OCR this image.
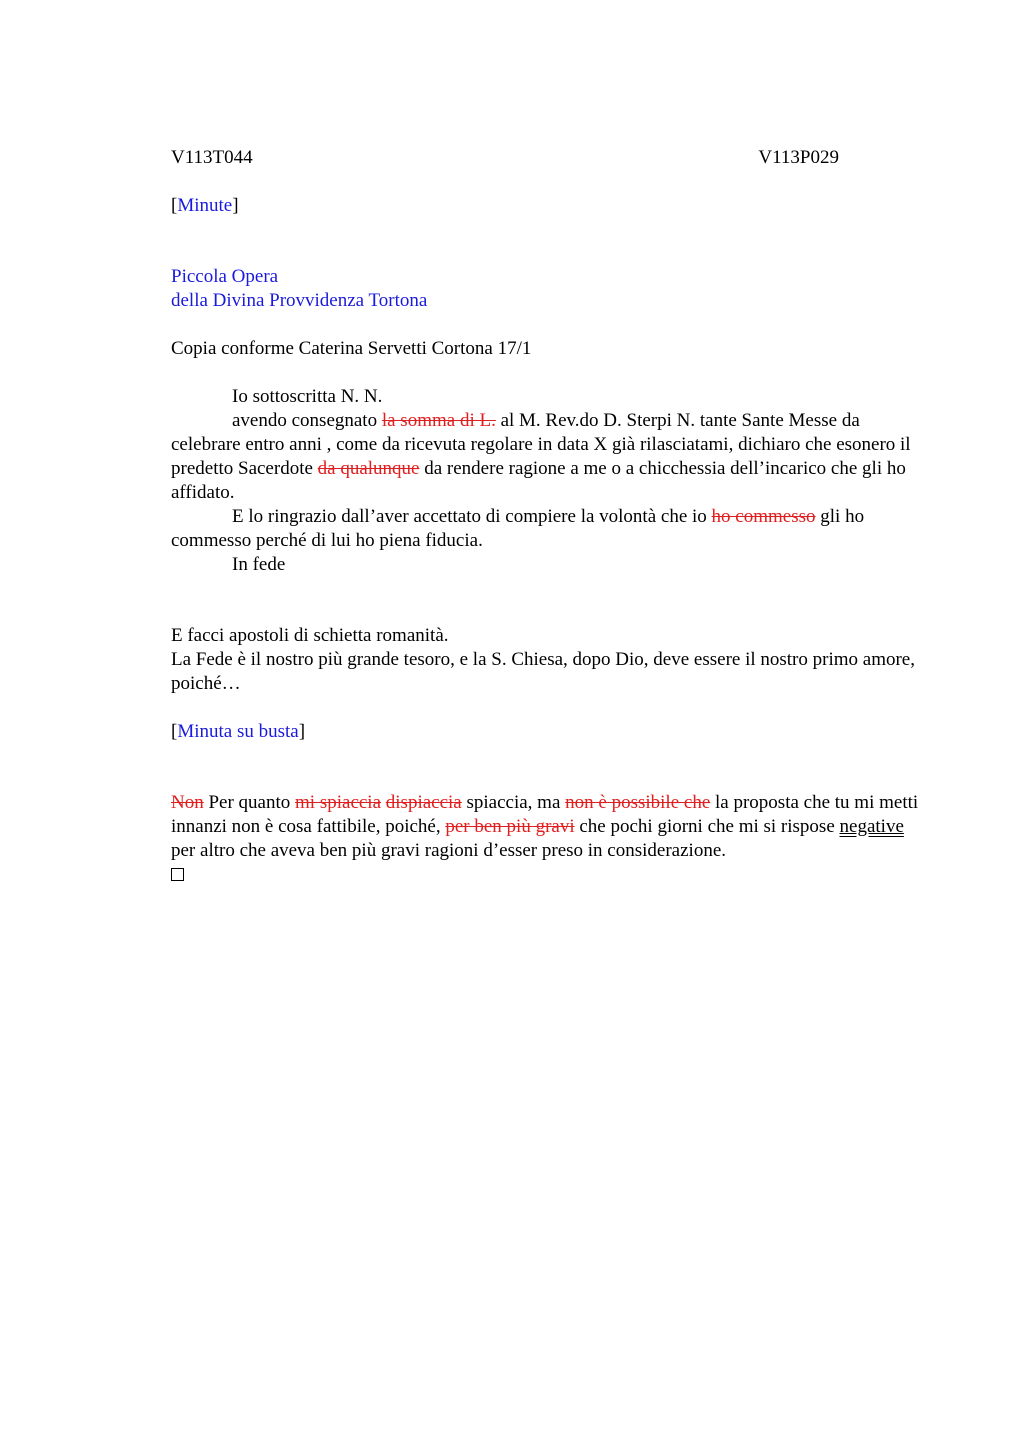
V113T044	V113P029

[Minute]

Piccola Opera

della Divina Provvidenza Tortona

Copia conforme Caterina Servetti Cortona 17/1

Io sottoscritta N. N.

avendo consegnato la somma di L. al M. Rev.do D. Sterpi N. tante Sante Messe da celebrare entro anni , come da ricevuta regolare in data X già rilasciatami, dichiaro che esonero il predetto Sacerdote da qualunque da rendere ragione a me o a chicchessia dell’incarico che gli ho affidato.

E lo ringrazio dall’aver accettato di compiere la volontà che io ho commesso gli ho commesso perché di lui ho piena fiducia.

In fede

E facci apostoli di schietta romanità.

La Fede è il nostro più grande tesoro, e la S. Chiesa, dopo Dio, deve essere il nostro primo amore, poiché…

[Minuta su busta]

Non Per quanto mi spiaccia dispiaccia spiaccia, ma non è possibile che la proposta che tu mi metti innanzi non è cosa fattibile, poiché, per ben più gravi che pochi giorni che mi si rispose negative per altro che aveva ben più gravi ragioni d’esser preso in considerazione.
